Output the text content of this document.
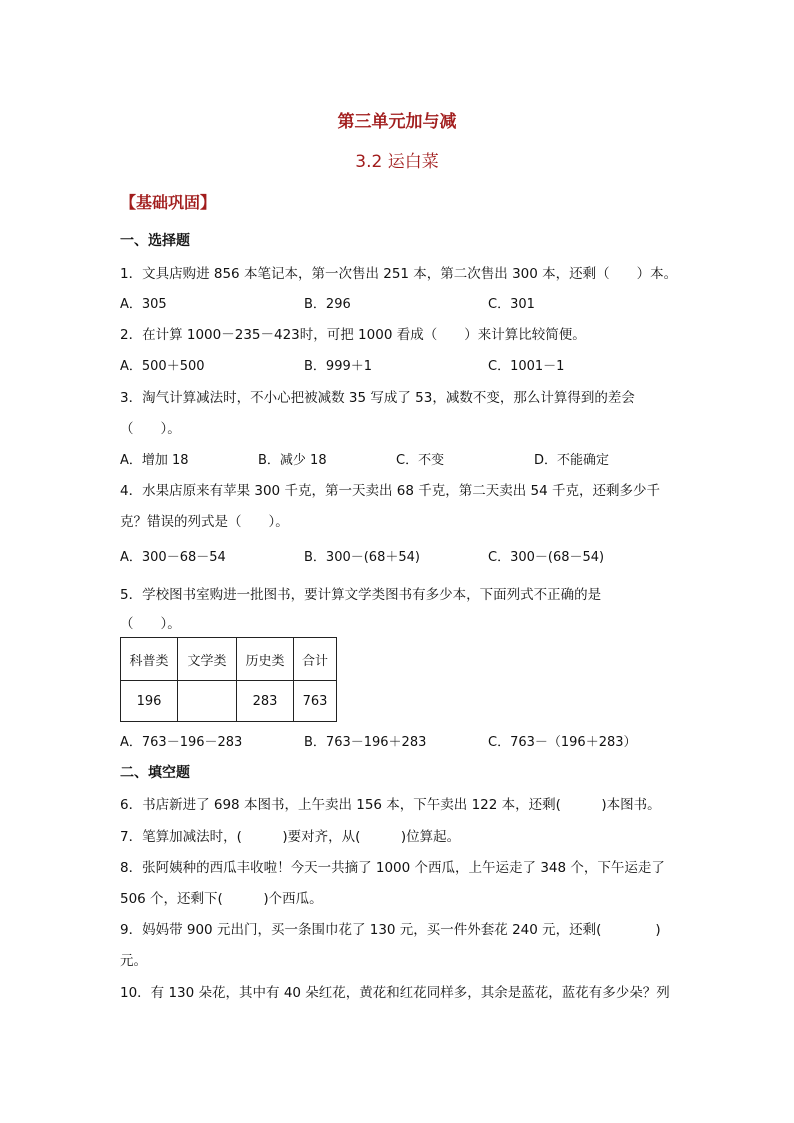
第三单元加与减
3.2 运白菜
【基础巩固】
一、选择题
1．文具店购进 856 本笔记本，第一次售出 251 本，第二次售出 300 本，还剩（　　）本。
A．305	B．296	C．301
2．在计算 1000－235－423时，可把 1000 看成（　　）来计算比较简便。
A．500＋500	B．999＋1	C．1001－1
3．淘气计算减法时，不小心把被减数 35 写成了 53，减数不变，那么计算得到的差会
（　　）。
A．增加 18	B．减少 18	C．不变	D．不能确定
4．水果店原来有苹果 300 千克，第一天卖出 68 千克，第二天卖出 54 千克，还剩多少千
克？错误的列式是（　　）。
A．300－68－54	B．300－(68＋54)	C．300－(68－54)
5．学校图书室购进一批图书，要计算文学类图书有多少本，下面列式不正确的是
（　　）。
科普类	文学类	历史类	合计
196		283	763
A．763－196－283	B．763－196＋283	C．763－（196＋283）
二、填空题
6．书店新进了 698 本图书，上午卖出 156 本，下午卖出 122 本，还剩(　　　)本图书。
7．笔算加减法时，(　　　)要对齐，从(　　　)位算起。
8．张阿姨种的西瓜丰收啦！今天一共摘了 1000 个西瓜，上午运走了 348 个，下午运走了
506 个，还剩下(　　　)个西瓜。
9．妈妈带 900 元出门，买一条围巾花了 130 元，买一件外套花 240 元，还剩(　　　　)
元。
10．有 130 朵花，其中有 40 朵红花，黄花和红花同样多，其余是蓝花，蓝花有多少朵？列
